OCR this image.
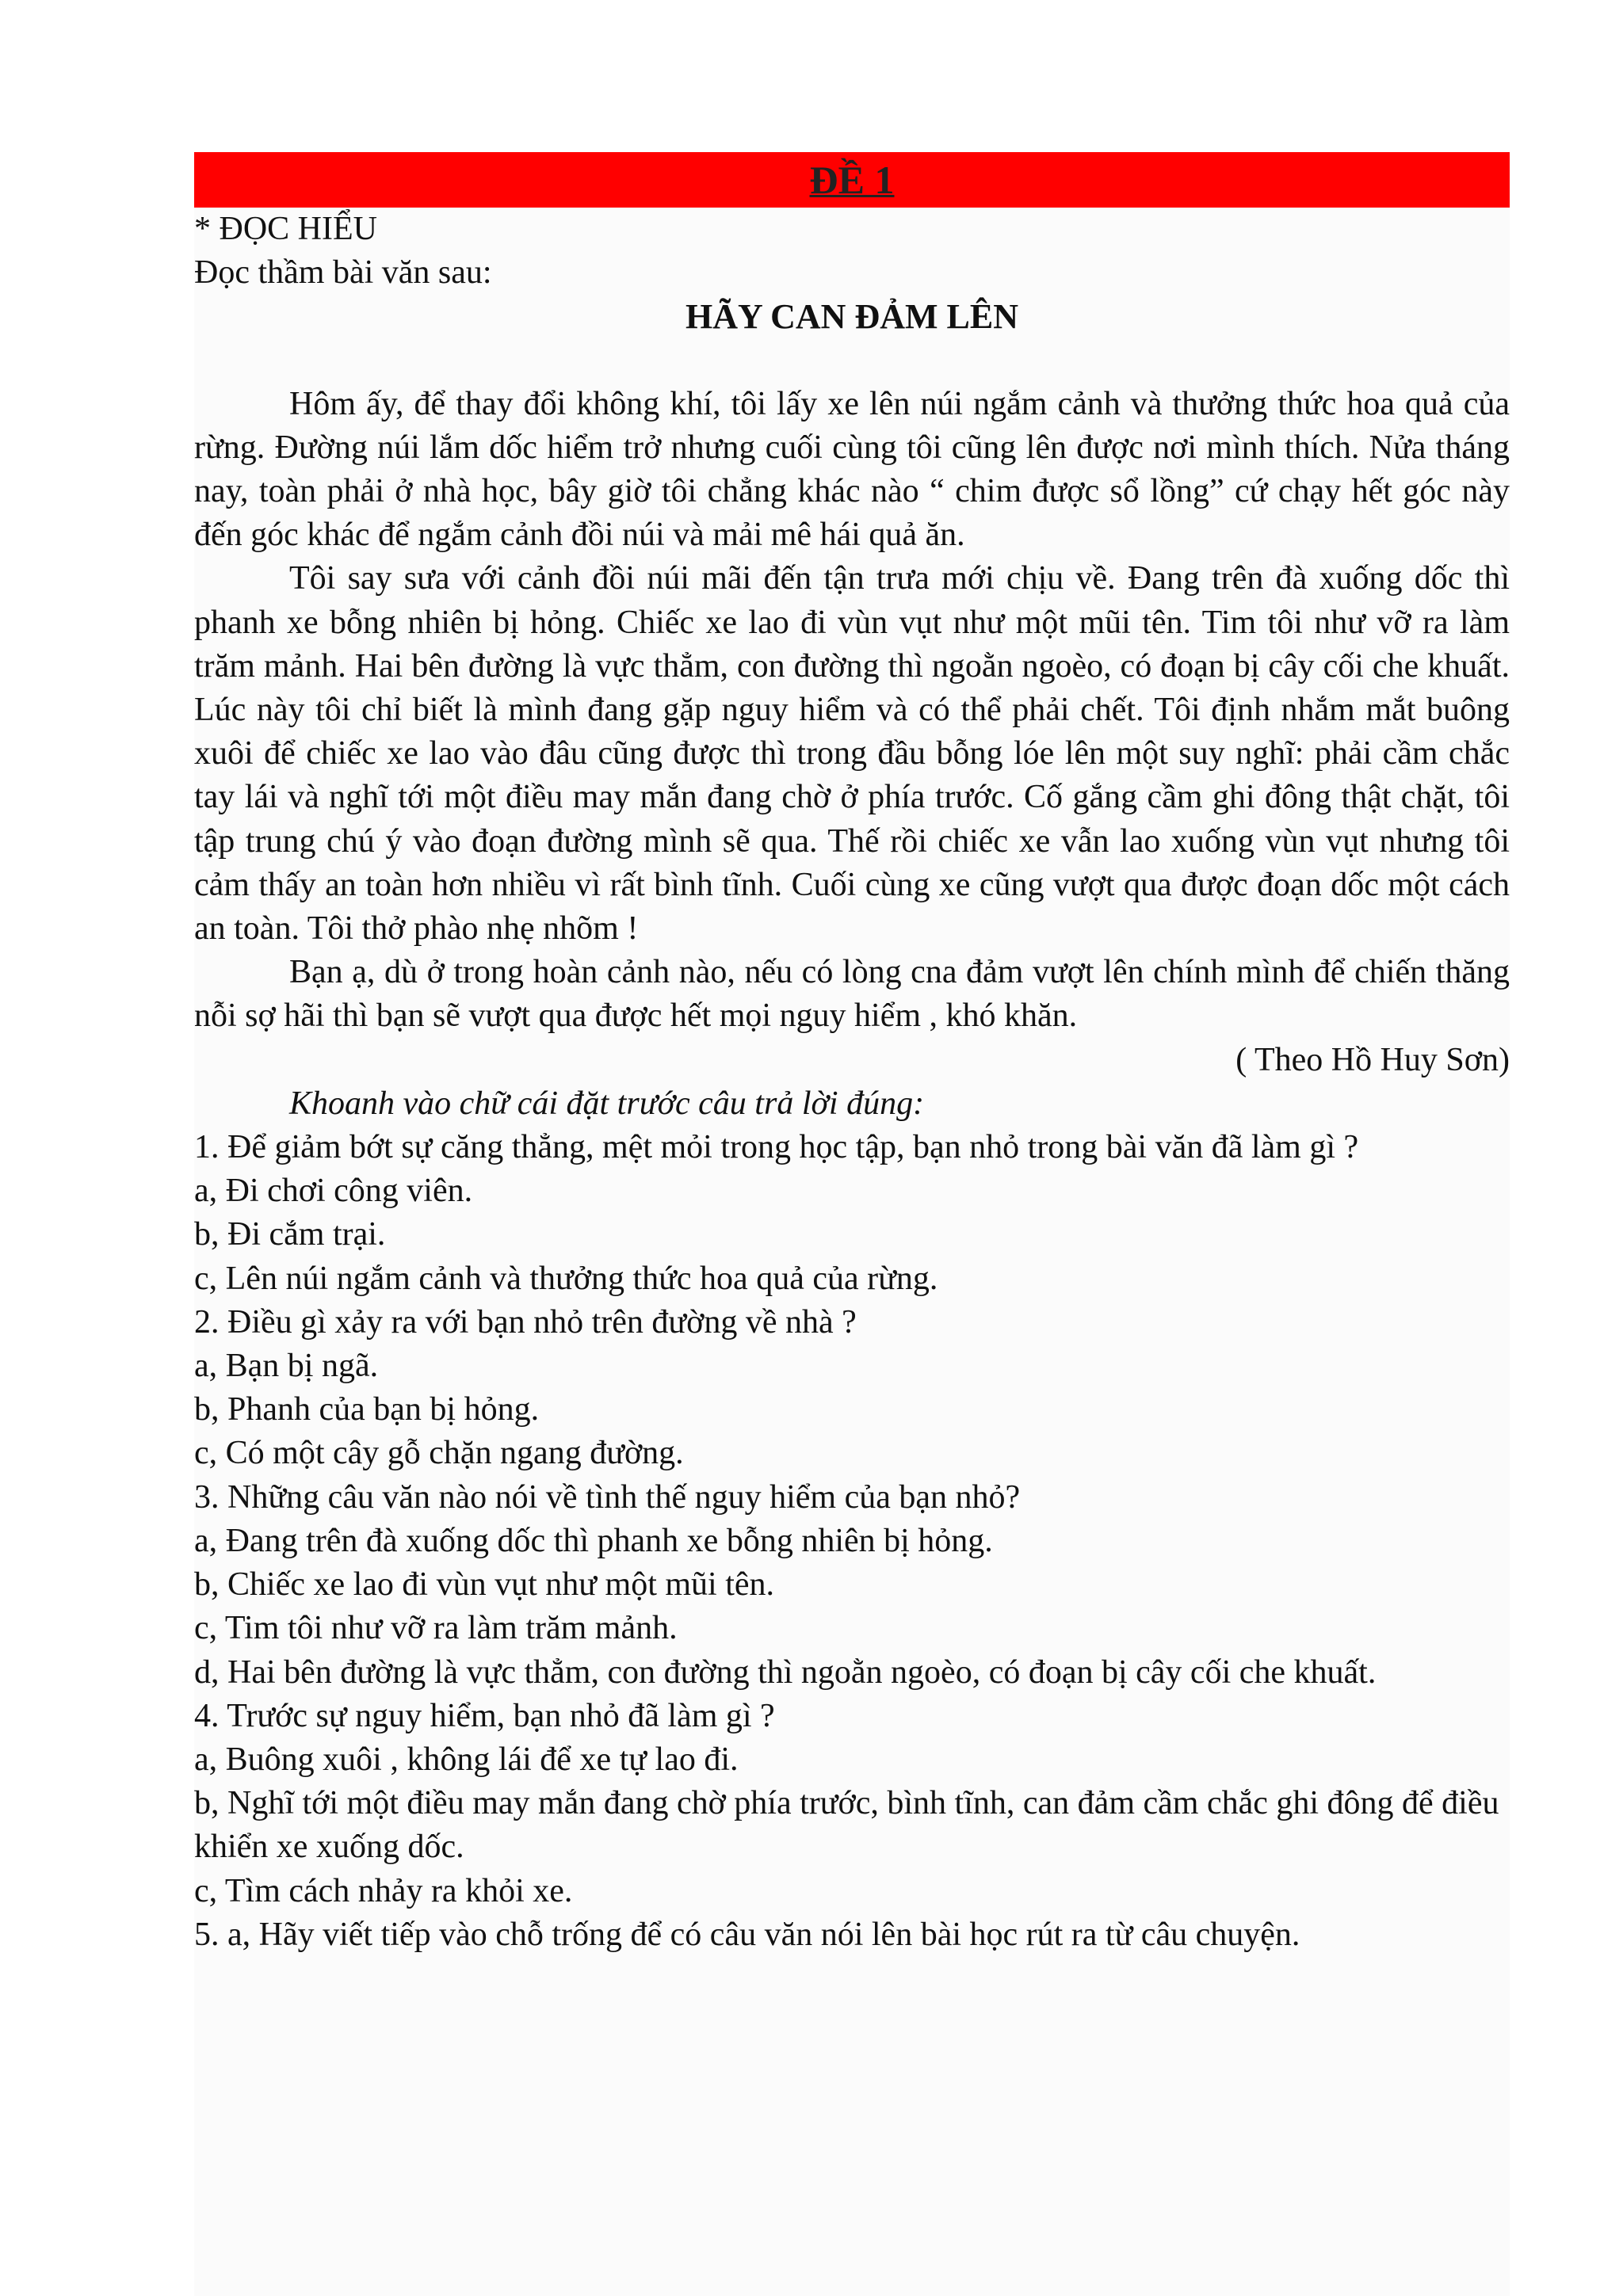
ĐỀ 1
* ĐỌC HIỂU
Đọc thầm bài văn sau:
HÃY CAN ĐẢM LÊN
Hôm ấy, để thay đổi không khí, tôi lấy xe lên núi ngắm cảnh và thưởng thức hoa quả của rừng. Đường núi lắm dốc hiểm trở nhưng cuối cùng tôi cũng lên được nơi mình thích. Nửa tháng nay, toàn phải ở nhà học, bây giờ tôi chẳng khác nào “ chim được sổ lồng” cứ chạy hết góc này đến góc khác để ngắm cảnh đồi núi và mải mê hái quả ăn.
Tôi say sưa với cảnh đồi núi mãi đến tận trưa mới chịu về. Đang trên đà xuống dốc thì phanh xe bỗng nhiên bị hỏng. Chiếc xe lao đi vùn vụt như một mũi tên. Tim tôi như vỡ ra làm trăm mảnh. Hai bên đường là vực thẳm, con đường thì ngoằn ngoèo, có đoạn bị cây cối che khuất. Lúc này tôi chỉ biết là mình đang gặp nguy hiểm và có thể phải chết. Tôi định nhắm mắt buông xuôi để chiếc xe lao vào đâu cũng được thì trong đầu bỗng lóe lên một suy nghĩ: phải cầm chắc tay lái và nghĩ tới một điều may mắn đang chờ ở phía trước. Cố gắng cầm ghi đông thật chặt, tôi tập trung chú ý vào đoạn đường mình sẽ qua. Thế rồi chiếc xe vẫn lao xuống vùn vụt nhưng tôi cảm thấy an toàn hơn nhiều vì rất bình tĩnh. Cuối cùng xe cũng vượt qua được đoạn dốc một cách an toàn. Tôi thở phào nhẹ nhõm !
Bạn ạ, dù ở trong hoàn cảnh nào, nếu có lòng cna đảm vượt lên chính mình để chiến thăng nỗi sợ hãi thì bạn sẽ vượt qua được hết mọi nguy hiểm , khó khăn.
( Theo Hồ Huy Sơn)
Khoanh vào chữ cái đặt trước câu trả lời đúng:
1. Để giảm bớt sự căng thẳng, mệt mỏi trong học tập, bạn nhỏ trong bài văn đã làm gì ?
a, Đi chơi công viên.
b, Đi cắm trại.
c, Lên núi ngắm cảnh và thưởng thức hoa quả của rừng.
2. Điều gì xảy ra với bạn nhỏ trên đường về nhà ?
a, Bạn bị ngã.
b, Phanh của bạn bị hỏng.
c, Có một cây gỗ chặn ngang đường.
3. Những câu văn nào nói về tình thế nguy hiểm của bạn nhỏ?
a, Đang trên đà xuống dốc thì phanh xe bỗng nhiên bị hỏng.
b, Chiếc xe lao đi vùn vụt như một mũi tên.
c, Tim tôi như vỡ ra làm trăm mảnh.
d, Hai bên đường là vực thẳm, con đường thì ngoằn ngoèo, có đoạn bị cây cối che khuất.
4. Trước sự nguy hiểm, bạn nhỏ đã làm gì ?
a, Buông xuôi , không lái để xe tự lao đi.
b, Nghĩ tới một điều may mắn đang chờ phía trước, bình tĩnh, can đảm cầm chắc ghi đông để điều khiển xe xuống dốc.
c, Tìm cách nhảy ra khỏi xe.
5. a, Hãy viết tiếp vào chỗ trống để có câu văn nói lên bài học rút ra từ câu chuyện.
